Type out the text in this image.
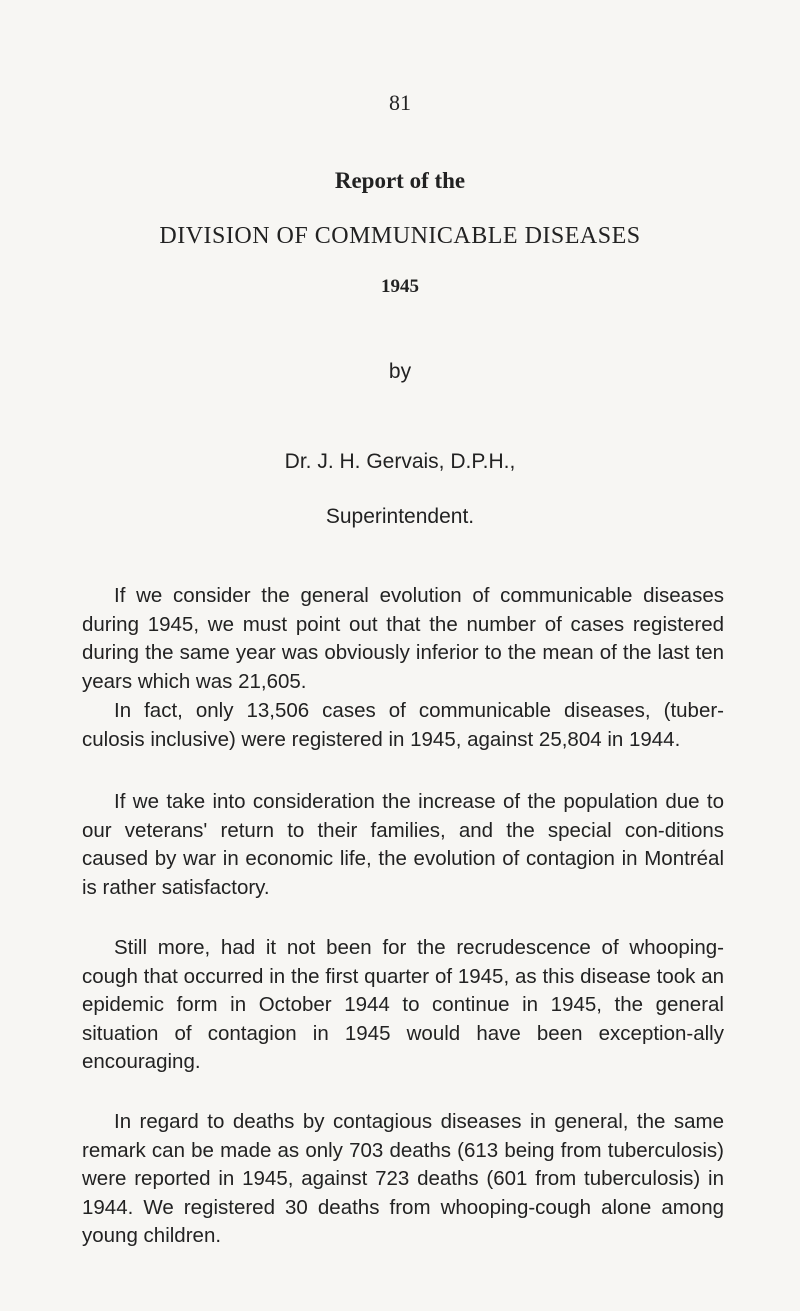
81
Report of the
DIVISION OF COMMUNICABLE DISEASES
1945
by
Dr. J. H. Gervais, D.P.H.,
Superintendent.

If we consider the general evolution of communicable diseases during 1945, we must point out that the number of cases registered during the same year was obviously inferior to the mean of the last ten years which was 21,605.

In fact, only 13,506 cases of communicable diseases, (tuber-culosis inclusive) were registered in 1945, against 25,804 in 1944.

If we take into consideration the increase of the population due to our veterans' return to their families, and the special con-ditions caused by war in economic life, the evolution of contagion in Montréal is rather satisfactory.

Still more, had it not been for the recrudescence of whooping-cough that occurred in the first quarter of 1945, as this disease took an epidemic form in October 1944 to continue in 1945, the general situation of contagion in 1945 would have been exception-ally encouraging.

In regard to deaths by contagious diseases in general, the same remark can be made as only 703 deaths (613 being from tuberculosis) were reported in 1945, against 723 deaths (601 from tuberculosis) in 1944. We registered 30 deaths from whooping-cough alone among young children.
